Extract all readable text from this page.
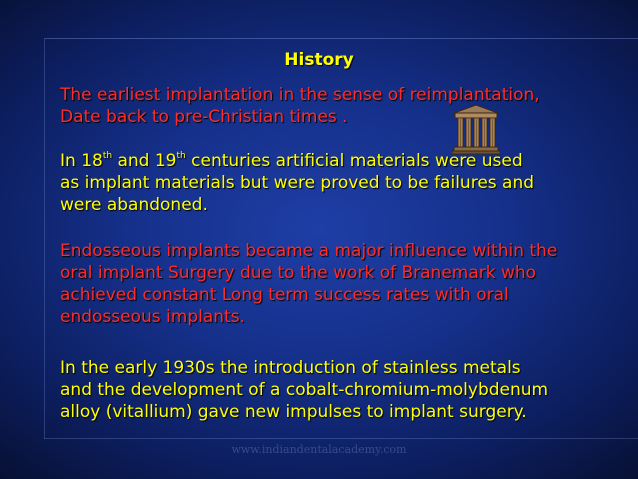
History
The earliest implantation in the sense of reimplantation,
Date back to pre-Christian times .
In 18th and 19th centuries artificial materials were used
as implant materials but were proved to be failures and
were abandoned.
Endosseous implants became a major influence within the
oral implant Surgery due to the work of Branemark who
achieved constant Long term success rates with oral
endosseous implants.
In the early 1930s the introduction of stainless metals
and the development of a cobalt-chromium-molybdenum
alloy (vitallium) gave new impulses to implant surgery.
www.indiandentalacademy.com
